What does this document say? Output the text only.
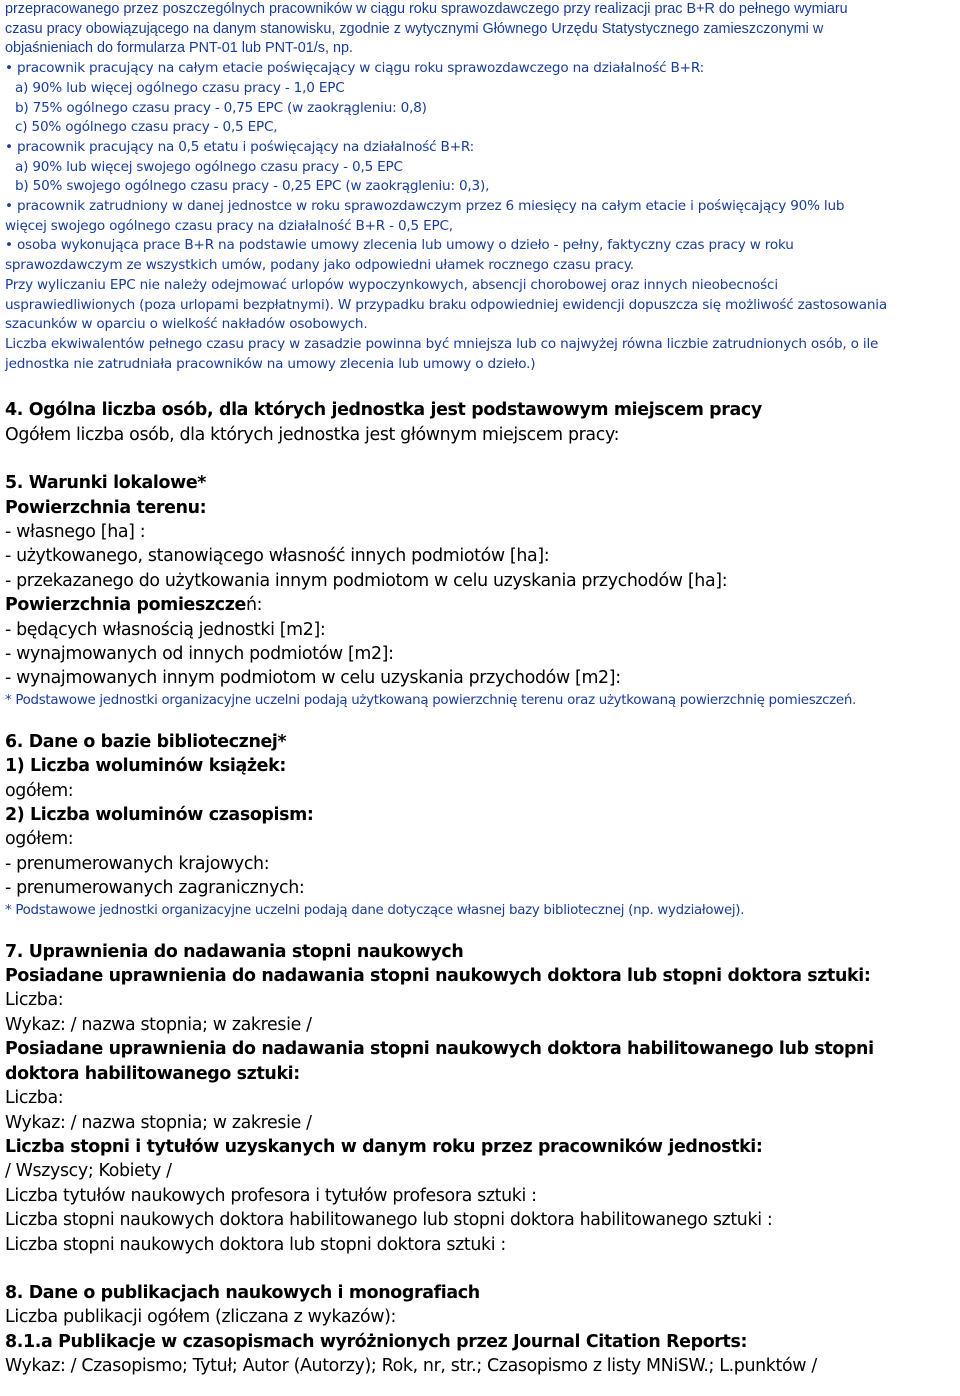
przepracowanego przez poszczególnych pracowników w ciągu roku sprawozdawczego przy realizacji prac B+R do pełnego wymiaru

czasu pracy obowiązującego na danym stanowisku, zgodnie z wytycznymi Głównego Urzędu Statystycznego zamieszczonymi w

objaśnieniach do formularza PNT-01 lub PNT-01/s, np.

• pracownik pracujący na całym etacie poświęcający w ciągu roku sprawozdawczego na działalność B+R:

a) 90% lub więcej ogólnego czasu pracy - 1,0 EPC

b) 75% ogólnego czasu pracy - 0,75 EPC (w zaokrągleniu: 0,8)

c) 50% ogólnego czasu pracy - 0,5 EPC,

• pracownik pracujący na 0,5 etatu i poświęcający na działalność B+R:

a) 90% lub więcej swojego ogólnego czasu pracy - 0,5 EPC

b) 50% swojego ogólnego czasu pracy - 0,25 EPC (w zaokrągleniu: 0,3),

• pracownik zatrudniony w danej jednostce w roku sprawozdawczym przez 6 miesięcy na całym etacie i poświęcający 90% lub

więcej swojego ogólnego czasu pracy na działalność B+R - 0,5 EPC,

• osoba wykonująca prace B+R na podstawie umowy zlecenia lub umowy o dzieło - pełny, faktyczny czas pracy w roku

sprawozdawczym ze wszystkich umów, podany jako odpowiedni ułamek rocznego czasu pracy.

Przy wyliczaniu EPC nie należy odejmować urlopów wypoczynkowych, absencji chorobowej oraz innych nieobecności

usprawiedliwionych (poza urlopami bezpłatnymi). W przypadku braku odpowiedniej ewidencji dopuszcza się możliwość zastosowania

szacunków w oparciu o wielkość nakładów osobowych.

Liczba ekwiwalentów pełnego czasu pracy w zasadzie powinna być mniejsza lub co najwyżej równa liczbie zatrudnionych osób, o ile

jednostka nie zatrudniała pracowników na umowy zlecenia lub umowy o dzieło.)

4. Ogólna liczba osób, dla których jednostka jest podstawowym miejscem pracy

Ogółem liczba osób, dla których jednostka jest głównym miejscem pracy:

5. Warunki lokalowe*

Powierzchnia terenu:

- własnego [ha] :

- użytkowanego, stanowiącego własność innych podmiotów [ha]:

- przekazanego do użytkowania innym podmiotom w celu uzyskania przychodów [ha]:

Powierzchnia pomieszczeń:

- będących własnością jednostki [m2]:

- wynajmowanych od innych podmiotów [m2]:

- wynajmowanych innym podmiotom w celu uzyskania przychodów [m2]:

* Podstawowe jednostki organizacyjne uczelni podają użytkowaną powierzchnię terenu oraz użytkowaną powierzchnię pomieszczeń.

6. Dane o bazie bibliotecznej*

1) Liczba woluminów książek:

ogółem:

2) Liczba woluminów czasopism:

ogółem:

- prenumerowanych krajowych:

- prenumerowanych zagranicznych:

* Podstawowe jednostki organizacyjne uczelni podają dane dotyczące własnej bazy bibliotecznej (np. wydziałowej).

7. Uprawnienia do nadawania stopni naukowych

Posiadane uprawnienia do nadawania stopni naukowych doktora lub stopni doktora sztuki:

Liczba:

Wykaz: / nazwa stopnia; w zakresie /

Posiadane uprawnienia do nadawania stopni naukowych doktora habilitowanego lub stopni

doktora habilitowanego sztuki:

Liczba:

Wykaz: / nazwa stopnia; w zakresie /

Liczba stopni i tytułów uzyskanych w danym roku przez pracowników jednostki:

/ Wszyscy; Kobiety /

Liczba tytułów naukowych profesora i tytułów profesora sztuki :

Liczba stopni naukowych doktora habilitowanego lub stopni doktora habilitowanego sztuki :

Liczba stopni naukowych doktora lub stopni doktora sztuki :

8. Dane o publikacjach naukowych i monografiach

Liczba publikacji ogółem (zliczana z wykazów):

8.1.a Publikacje w czasopismach wyróżnionych przez Journal Citation Reports:

Wykaz: / Czasopismo; Tytuł; Autor (Autorzy); Rok, nr, str.; Czasopismo z listy MNiSW.; L.punktów /
